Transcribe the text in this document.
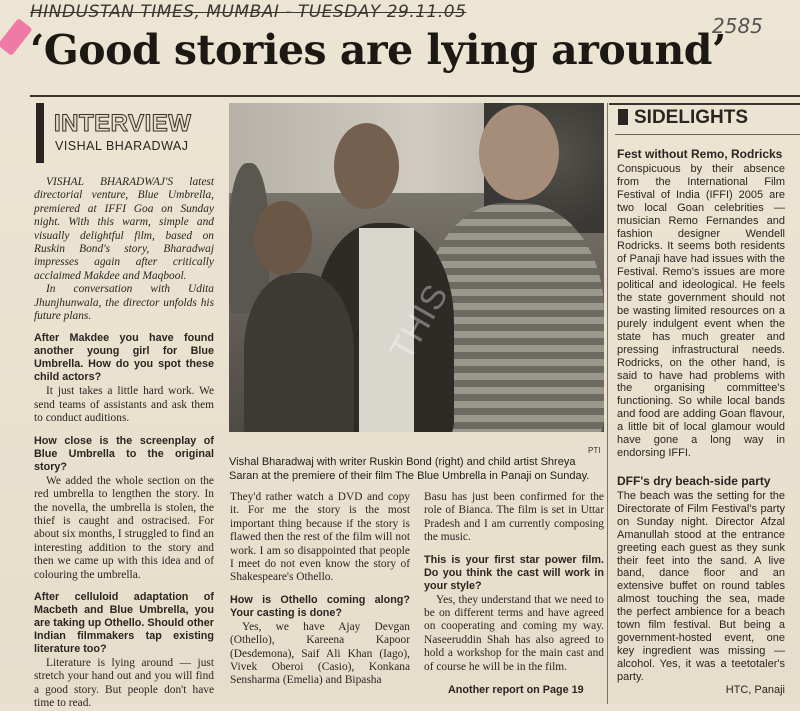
HINDUSTAN TIMES, MUMBAI - TUESDAY 29.11.05
2585
‘Good stories are lying around’
INTERVIEW
VISHAL BHARADWAJ

VISHAL BHARADWAJ'S latest directorial venture, Blue Umbrella, premiered at IFFI Goa on Sunday night. With this warm, simple and visually delightful film, based on Ruskin Bond's story, Bharadwaj impresses again after critically acclaimed Makdee and Maqbool.

In conversation with Udita Jhunjhunwala, the director unfolds his future plans.

After Makdee you have found another young girl for Blue Umbrella. How do you spot these child actors?

It just takes a little hard work. We send teams of assistants and ask them to conduct auditions.

How close is the screenplay of Blue Umbrella to the original story?

We added the whole section on the red umbrella to lengthen the story. In the novella, the umbrella is stolen, the thief is caught and ostracised. For about six months, I struggled to find an interesting addition to the story and then we came up with this idea and of colouring the umbrella.

After celluloid adaptation of Macbeth and Blue Umbrella, you are taking up Othello. Should other Indian filmmakers tap existing literature too?

Literature is lying around — just stretch your hand out and you will find a good story. But people don't have time to read.

THIS
PTI
Vishal Bharadwaj with writer Ruskin Bond (right) and child artist Shreya Saran at the premiere of their film The Blue Umbrella in Panaji on Sunday.

They'd rather watch a DVD and copy it. For me the story is the most important thing because if the story is flawed then the rest of the film will not work. I am so disappointed that people I meet do not even know the story of Shakespeare's Othello.

How is Othello coming along? Your casting is done?

Yes, we have Ajay Devgan (Othello), Kareena Kapoor (Desdemona), Saif Ali Khan (Iago), Vivek Oberoi (Casio), Konkana Sensharma (Emelia) and Bipasha

Basu has just been confirmed for the role of Bianca. The film is set in Uttar Pradesh and I am currently composing the music.

This is your first star power film. Do you think the cast will work in your style?

Yes, they understand that we need to be on different terms and have agreed on cooperating and coming my way. Naseeruddin Shah has also agreed to hold a workshop for the main cast and of course he will be in the film.

Another report on Page 19
SIDELIGHTS

Fest without Remo, Rodricks

Conspicuous by their absence from the International Film Festival of India (IFFI) 2005 are two local Goan celebrities — musician Remo Fernandes and fashion designer Wendell Rodricks. It seems both residents of Panaji have had issues with the Festival. Remo's issues are more political and ideological. He feels the state government should not be wasting limited resources on a purely indulgent event when the state has much greater and pressing infrastructural needs. Rodricks, on the other hand, is said to have had problems with the organising committee's functioning. So while local bands and food are adding Goan flavour, a little bit of local glamour would have gone a long way in endorsing IFFI.

DFF's dry beach-side party

The beach was the setting for the Directorate of Film Festival's party on Sunday night. Director Afzal Amanullah stood at the entrance greeting each guest as they sunk their feet into the sand. A live band, dance floor and an extensive buffet on round tables almost touching the sea, made the perfect ambience for a beach town film festival. But being a government-hosted event, one key ingredient was missing — alcohol. Yes, it was a teetotaler's party.

HTC, Panaji
